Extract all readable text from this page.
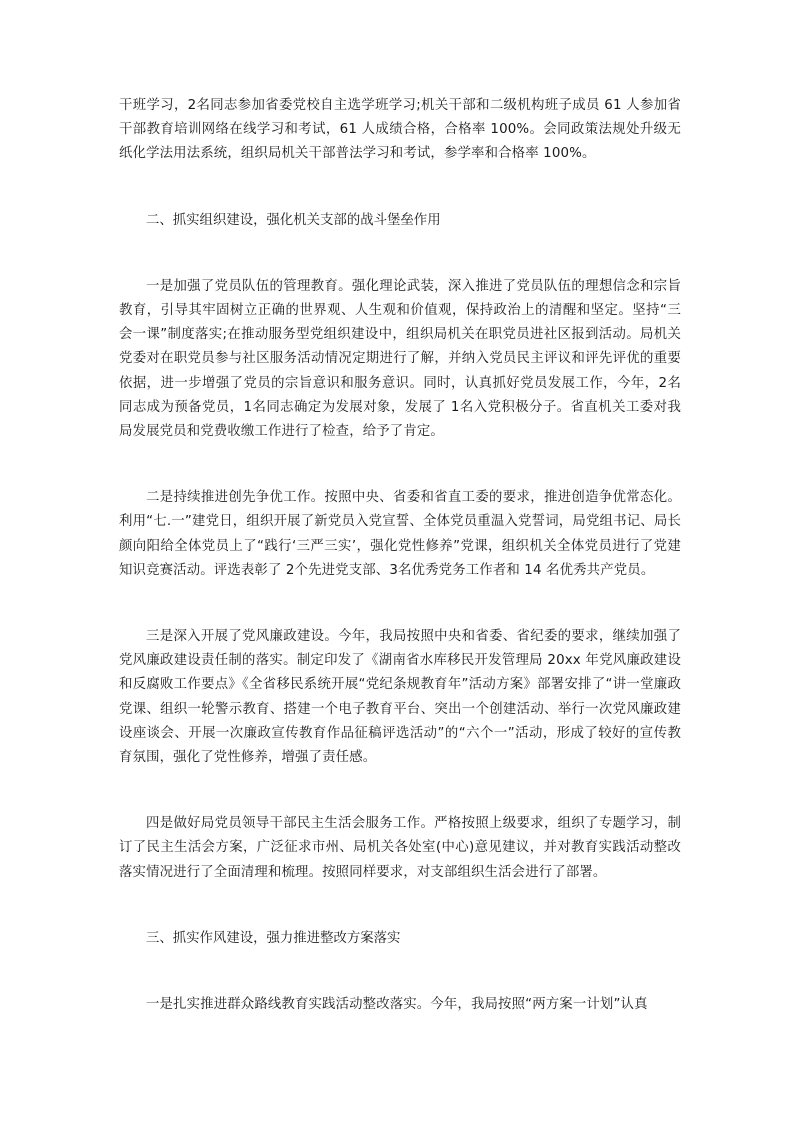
干班学习，2名同志参加省委党校自主选学班学习;机关干部和二级机构班子成员 61 人参加省干部教育培训网络在线学习和考试，61 人成绩合格，合格率 100%。会同政策法规处升级无纸化学法用法系统，组织局机关干部普法学习和考试，参学率和合格率 100%。

二、抓实组织建设，强化机关支部的战斗堡垒作用

一是加强了党员队伍的管理教育。强化理论武装，深入推进了党员队伍的理想信念和宗旨教育，引导其牢固树立正确的世界观、人生观和价值观，保持政治上的清醒和坚定。坚持“三会一课”制度落实;在推动服务型党组织建设中，组织局机关在职党员进社区报到活动。局机关党委对在职党员参与社区服务活动情况定期进行了解，并纳入党员民主评议和评先评优的重要依据，进一步增强了党员的宗旨意识和服务意识。同时，认真抓好党员发展工作，今年，2名同志成为预备党员，1名同志确定为发展对象，发展了 1名入党积极分子。省直机关工委对我局发展党员和党费收缴工作进行了检查，给予了肯定。

二是持续推进创先争优工作。按照中央、省委和省直工委的要求，推进创造争优常态化。利用“七.一”建党日，组织开展了新党员入党宣誓、全体党员重温入党誓词，局党组书记、局长颜向阳给全体党员上了“践行‘三严三实’，强化党性修养”党课，组织机关全体党员进行了党建知识竞赛活动。评选表彰了 2个先进党支部、3名优秀党务工作者和 14 名优秀共产党员。

三是深入开展了党风廉政建设。今年，我局按照中央和省委、省纪委的要求，继续加强了党风廉政建设责任制的落实。制定印发了《湖南省水库移民开发管理局 20xx 年党风廉政建设和反腐败工作要点》《全省移民系统开展“党纪条规教育年”活动方案》部署安排了“讲一堂廉政党课、组织一轮警示教育、搭建一个电子教育平台、突出一个创建活动、举行一次党风廉政建设座谈会、开展一次廉政宣传教育作品征稿评选活动”的“六个一”活动，形成了较好的宣传教育氛围，强化了党性修养，增强了责任感。

四是做好局党员领导干部民主生活会服务工作。严格按照上级要求，组织了专题学习，制订了民主生活会方案，广泛征求市州、局机关各处室(中心)意见建议，并对教育实践活动整改落实情况进行了全面清理和梳理。按照同样要求，对支部组织生活会进行了部署。

三、抓实作风建设，强力推进整改方案落实

一是扎实推进群众路线教育实践活动整改落实。今年，我局按照“两方案一计划”认真
